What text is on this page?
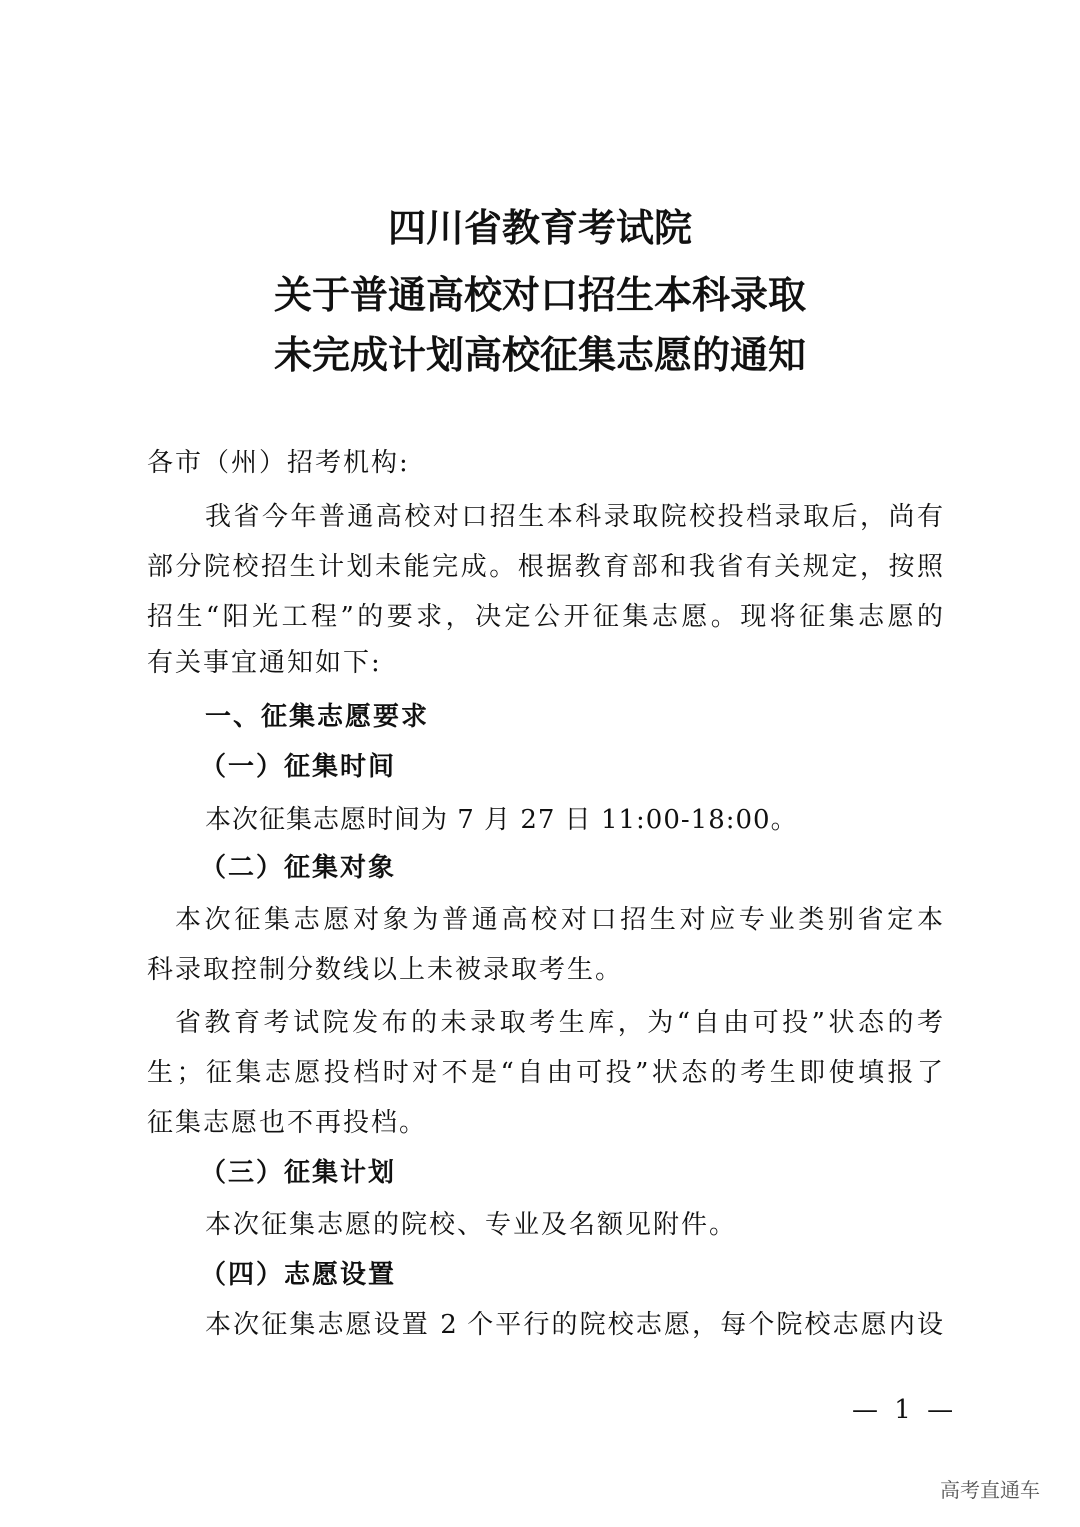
四川省教育考试院
关于普通高校对口招生本科录取
未完成计划高校征集志愿的通知
各市（州）招考机构:
我省今年普通高校对口招生本科录取院校投档录取后，尚有
部分院校招生计划未能完成。根据教育部和我省有关规定，按照
招生“阳光工程”的要求，决定公开征集志愿。现将征集志愿的
有关事宜通知如下:
一、征集志愿要求
（一）征集时间
本次征集志愿时间为 7 月 27 日 11:00-18:00。
（二）征集对象
本次征集志愿对象为普通高校对口招生对应专业类别省定本
科录取控制分数线以上未被录取考生。
省教育考试院发布的未录取考生库，为“自由可投”状态的考
生；征集志愿投档时对不是“自由可投”状态的考生即使填报了
征集志愿也不再投档。
（三）征集计划
本次征集志愿的院校、专业及名额见附件。
（四）志愿设置
本次征集志愿设置 2 个平行的院校志愿，每个院校志愿内设
— 1 —
高考直通车
